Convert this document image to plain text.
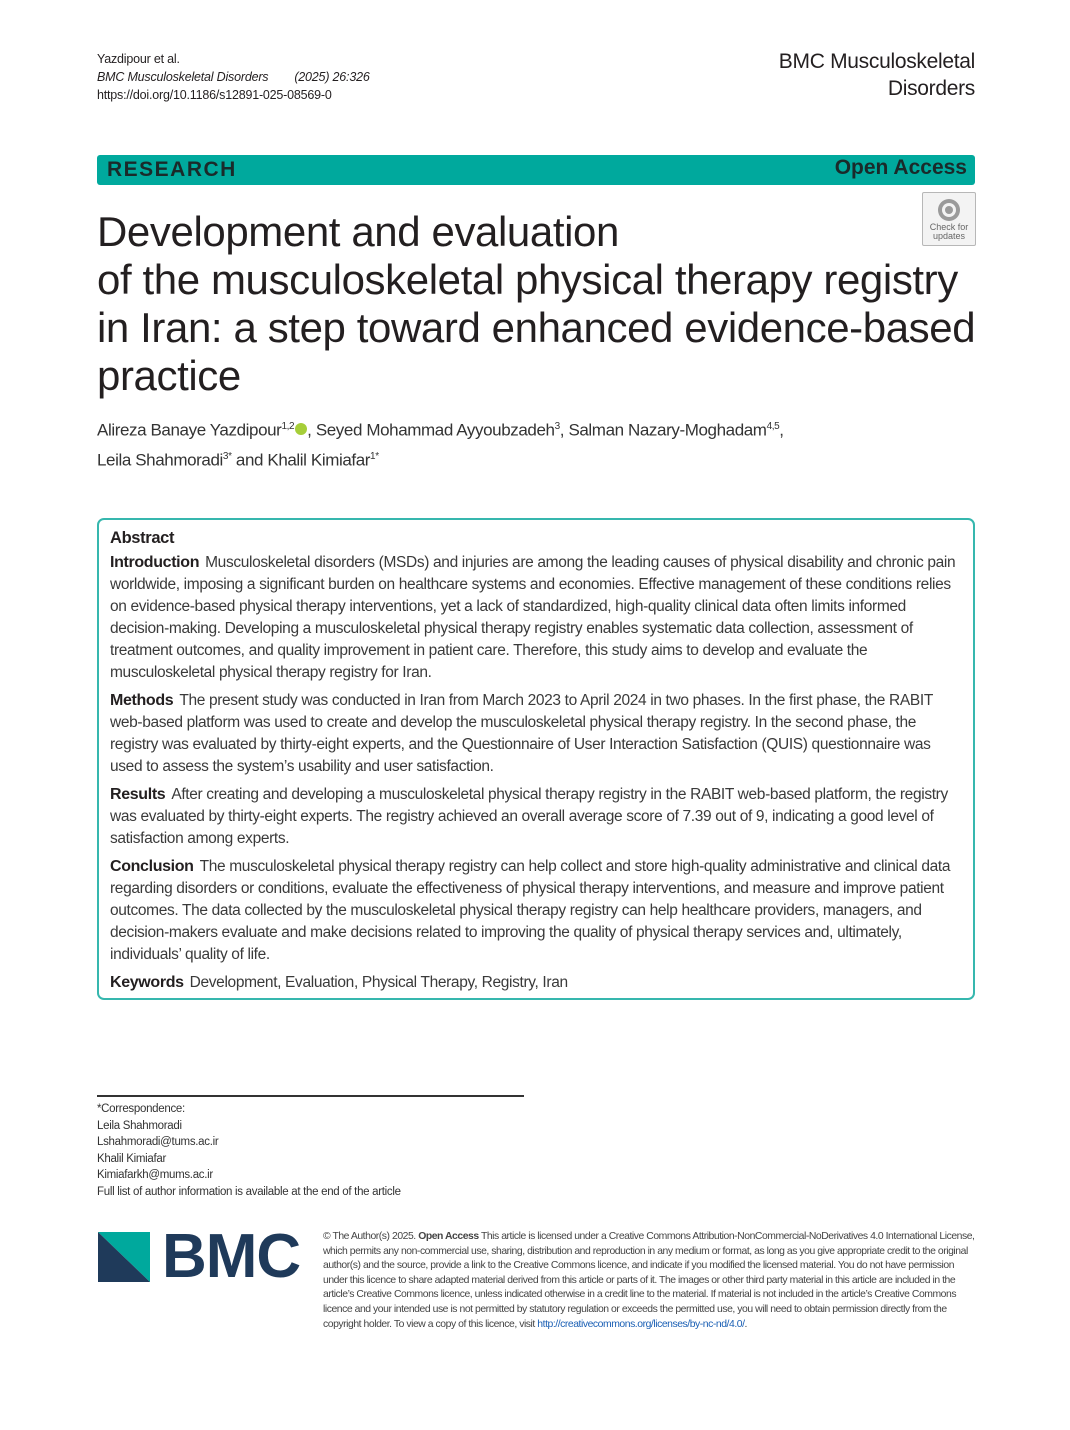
Yazdipour et al.
BMC Musculoskeletal Disorders (2025) 26:326
https://doi.org/10.1186/s12891-025-08569-0
BMC Musculoskeletal
Disorders
RESEARCH	Open Access
Check for
updates
Development and evaluation
of the musculoskeletal physical therapy registry
in Iran: a step toward enhanced evidence-based
practice
Alireza Banaye Yazdipour$^{1,2}$ , Seyed Mohammad Ayyoubzadeh$^3$, Salman Nazary-Moghadam$^{4,5}$,
Leila Shahmoradi$^{3*}$ and Khalil Kimiafar$^{1*}$
Abstract

Introduction Musculoskeletal disorders (MSDs) and injuries are among the leading causes of physical disability and chronic pain worldwide, imposing a significant burden on healthcare systems and economies. Effective management of these conditions relies on evidence-based physical therapy interventions, yet a lack of standardized, high-quality clinical data often limits informed decision-making. Developing a musculoskeletal physical therapy registry enables systematic data collection, assessment of treatment outcomes, and quality improvement in patient care. Therefore, this study aims to develop and evaluate the musculoskeletal physical therapy registry for Iran.

Methods The present study was conducted in Iran from March 2023 to April 2024 in two phases. In the first phase, the RABIT web-based platform was used to create and develop the musculoskeletal physical therapy registry. In the second phase, the registry was evaluated by thirty-eight experts, and the Questionnaire of User Interaction Satisfaction (QUIS) questionnaire was used to assess the system’s usability and user satisfaction.

Results After creating and developing a musculoskeletal physical therapy registry in the RABIT web-based platform, the registry was evaluated by thirty-eight experts. The registry achieved an overall average score of 7.39 out of 9, indicating a good level of satisfaction among experts.

Conclusion The musculoskeletal physical therapy registry can help collect and store high-quality administrative and clinical data regarding disorders or conditions, evaluate the effectiveness of physical therapy interventions, and measure and improve patient outcomes. The data collected by the musculoskeletal physical therapy registry can help healthcare providers, managers, and decision-makers evaluate and make decisions related to improving the quality of physical therapy services and, ultimately, individuals’ quality of life.

Keywords Development, Evaluation, Physical Therapy, Registry, Iran

*Correspondence:
Leila Shahmoradi
Lshahmoradi@tums.ac.ir
Khalil Kimiafar
Kimiafarkh@mums.ac.ir
Full list of author information is available at the end of the article
BMC © The Author(s) 2025. Open Access This article is licensed under a Creative Commons Attribution-NonCommercial-NoDerivatives 4.0 International License, which permits any non-commercial use, sharing, distribution and reproduction in any medium or format, as long as you give appropriate credit to the original author(s) and the source, provide a link to the Creative Commons licence, and indicate if you modified the licensed material. You do not have permission under this licence to share adapted material derived from this article or parts of it. The images or other third party material in this article are included in the article’s Creative Commons licence, unless indicated otherwise in a credit line to the material. If material is not included in the article’s Creative Commons licence and your intended use is not permitted by statutory regulation or exceeds the permitted use, you will need to obtain permission directly from the copyright holder. To view a copy of this licence, visit http://creativecommons.org/licenses/by-nc-nd/4.0/.
